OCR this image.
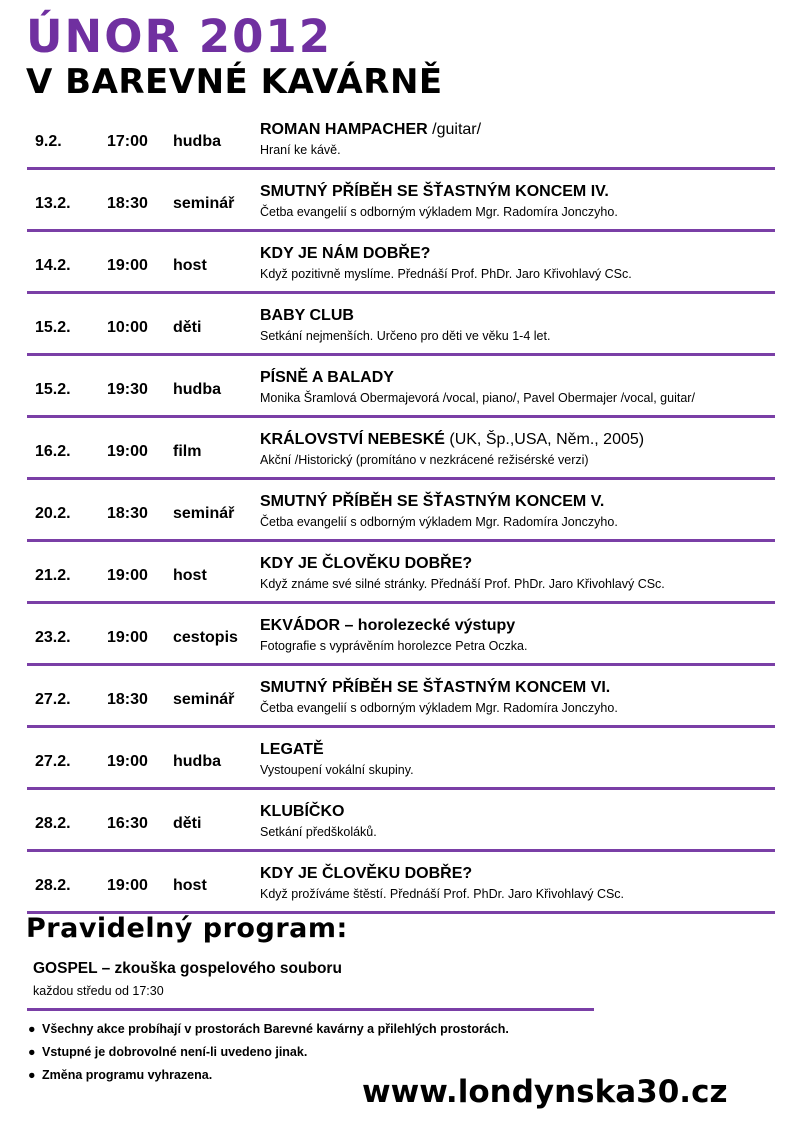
ÚNOR 2012
V BAREVNÉ KAVÁRNĚ
9.2.	17:00 hudba
ROMAN HAMPACHER /guitar/
Hraní ke kávě.
13.2. 18:30 seminář
SMUTNÝ PŘÍBĚH SE ŠŤASTNÝM KONCEM IV.
Četba evangelií s odborným výkladem Mgr. Radomíra Jonczyho.
14.2. 19:00 host
KDY JE NÁM DOBŘE?
Když pozitivně myslíme. Přednáší Prof. PhDr. Jaro Křivohlavý CSc.
15.2. 10:00 děti
BABY CLUB
Setkání nejmenších. Určeno pro děti ve věku 1-4 let.
15.2. 19:30 hudba
PÍSNĚ A BALADY
Monika Šramlová Obermajevorá /vocal, piano/, Pavel Obermajer /vocal, guitar/
16.2. 19:00 film
KRÁLOVSTVÍ NEBESKÉ (UK, Šp.,USA, Něm., 2005)
Akční /Historický (promítáno v nezkrácené režisérské verzi)
20.2. 18:30 seminář
SMUTNÝ PŘÍBĚH SE ŠŤASTNÝM KONCEM V.
Četba evangelií s odborným výkladem Mgr. Radomíra Jonczyho.
21.2. 19:00 host
KDY JE ČLOVĚKU DOBŘE?
Když známe své silné stránky. Přednáší Prof. PhDr. Jaro Křivohlavý CSc.
23.2. 19:00 cestopis
EKVÁDOR – horolezecké výstupy
Fotografie s vyprávěním horolezce Petra Oczka.
27.2. 18:30 seminář
SMUTNÝ PŘÍBĚH SE ŠŤASTNÝM KONCEM VI.
Četba evangelií s odborným výkladem Mgr. Radomíra Jonczyho.
27.2. 19:00 hudba
LEGATĚ
Vystoupení vokální skupiny.
28.2. 16:30 děti
KLUBÍČKO
Setkání předškoláků.
28.2. 19:00 host
KDY JE ČLOVĚKU DOBŘE?
Když prožíváme štěstí. Přednáší Prof. PhDr. Jaro Křivohlavý CSc.
Pravidelný program:
GOSPEL – zkouška gospelového souboru
každou středu od 17:30
● Všechny akce probíhají v prostorách Barevné kavárny a přilehlých prostorách.
● Vstupné je dobrovolné není-li uvedeno jinak.
● Změna programu vyhrazena.	www.londynska30.cz
